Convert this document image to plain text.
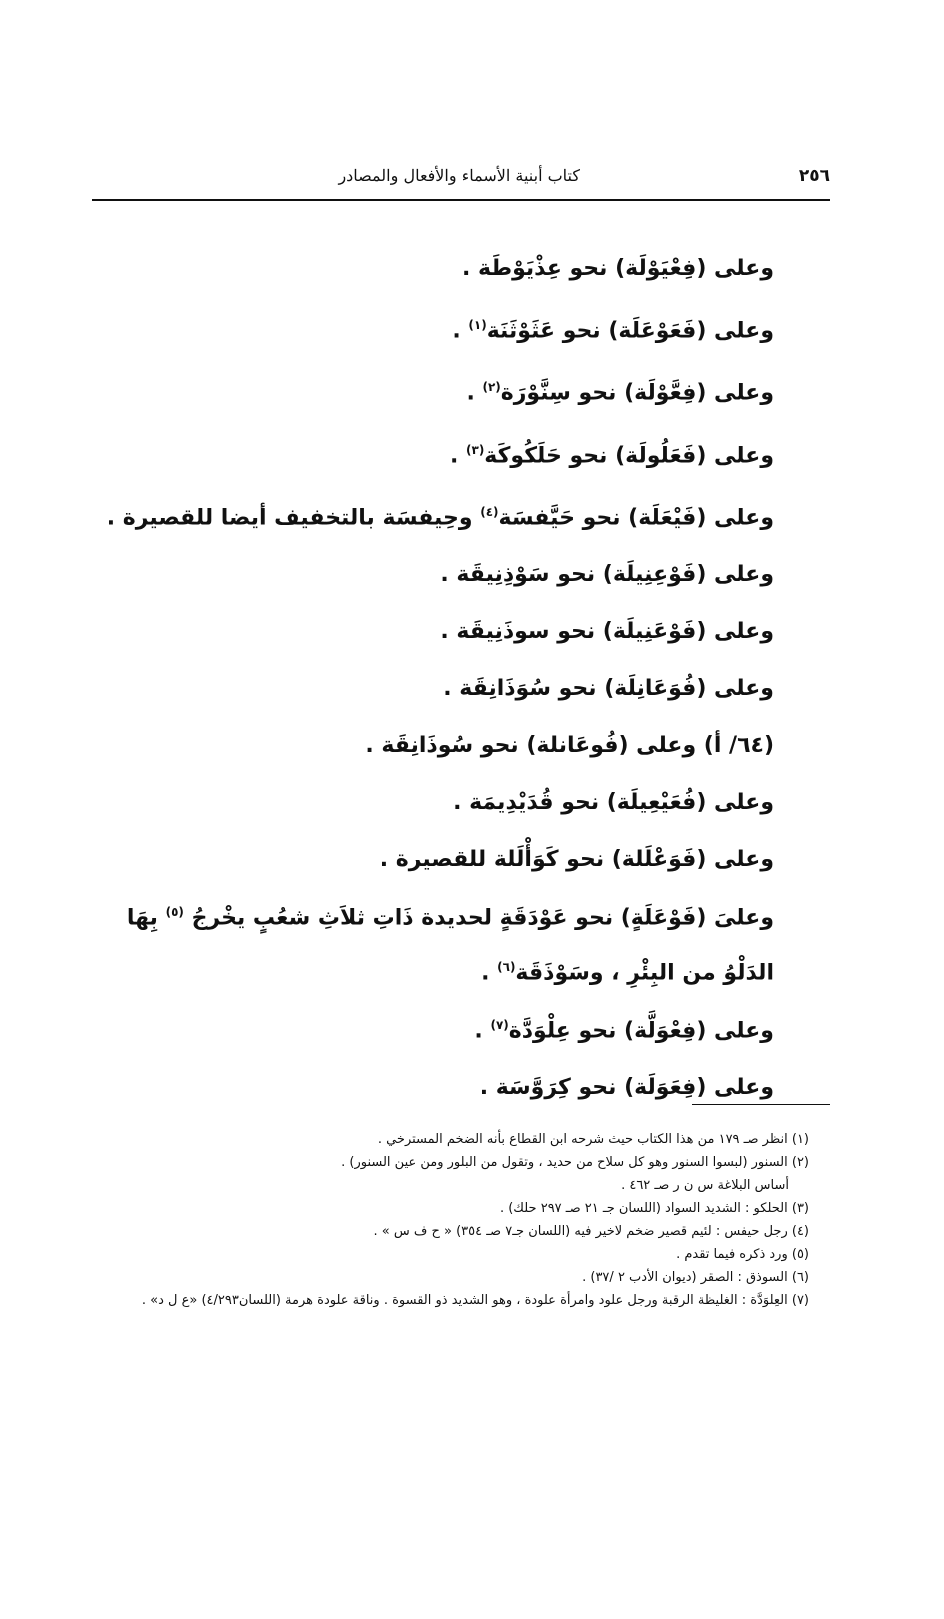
٢٥٦
كتاب أبنية الأسماء والأفعال والمصادر

وعلى (فِعْيَوْلَة) نحو عِذْيَوْطَة .

وعلى (فَعَوْعَلَة) نحو عَثَوْثَنَة$^{(١)}$ .

وعلى (فِعَّوْلَة) نحو سِنَّوْرَة$^{(٢)}$ .

وعلى (فَعَلُولَة) نحو حَلَكُوكَة$^{(٣)}$ .

وعلى (فَيْعَلَة) نحو حَيَّفسَة$^{(٤)}$ وحِيفسَة بالتخفيف أيضا للقصيرة .

وعلى (فَوْعِنِيلَة) نحو سَوْذِنِيقَة .

وعلى (فَوْعَنِيلَة) نحو سوذَنِيقَة .

وعلى (فُوَعَانِلَة) نحو سُوَذَانِقَة .

(٦٤/ أ) وعلى (فُوعَانلة) نحو سُوذَانِقَة .

وعلى (فُعَيْعِيلَة) نحو قُدَيْدِيمَة .

وعلى (فَوَعْلَلة) نحو كَوَأْلَلة للقصيرة .

وعلىَ (فَوْعَلَةٍ) نحو عَوْدَقَةٍ لحديدة ذَاتِ ثلاَثِ شعُبٍ يخْرجُ $^{(٥)}$ بِهَا الدَلْوُ من البِئْرِ ، وسَوْذَقَة$^{(٦)}$ .

وعلى (فِعْوَلَّة) نحو عِلْوَدَّة$^{(٧)}$ .

وعلى (فِعَوَلَة) نحو كِرَوَّسَة .

(١) انظر صـ ١٧٩ من هذا الكتاب حيث شرحه ابن القطاع بأنه الضخم المسترخي .

(٢) السنور (لبسوا السنور وهو كل سلاح من حديد ، وتقول من البلور ومن عين السنور) .

أساس البلاغة س ن ر صـ ٤٦٢ .

(٣) الحلكو : الشديد السواد (اللسان جـ ٢١ صـ ٢٩٧ حلك) .

(٤) رجل حيفس : لئيم قصير ضخم لاخير فيه (اللسان جـ٧ صـ ٣٥٤) « ح ف س » .

(٥) ورد ذكره فيما تقدم .

(٦) السوذق : الصقر (ديوان الأدب ٢ /٣٧) .

(٧) العِلوَدَّة : الغليظة الرقبة ورجل علود وامرأة علودة ، وهو الشديد ذو القسوة . وناقة علودة هرمة (اللسان٤/٢٩٣) «ع ل د» .
